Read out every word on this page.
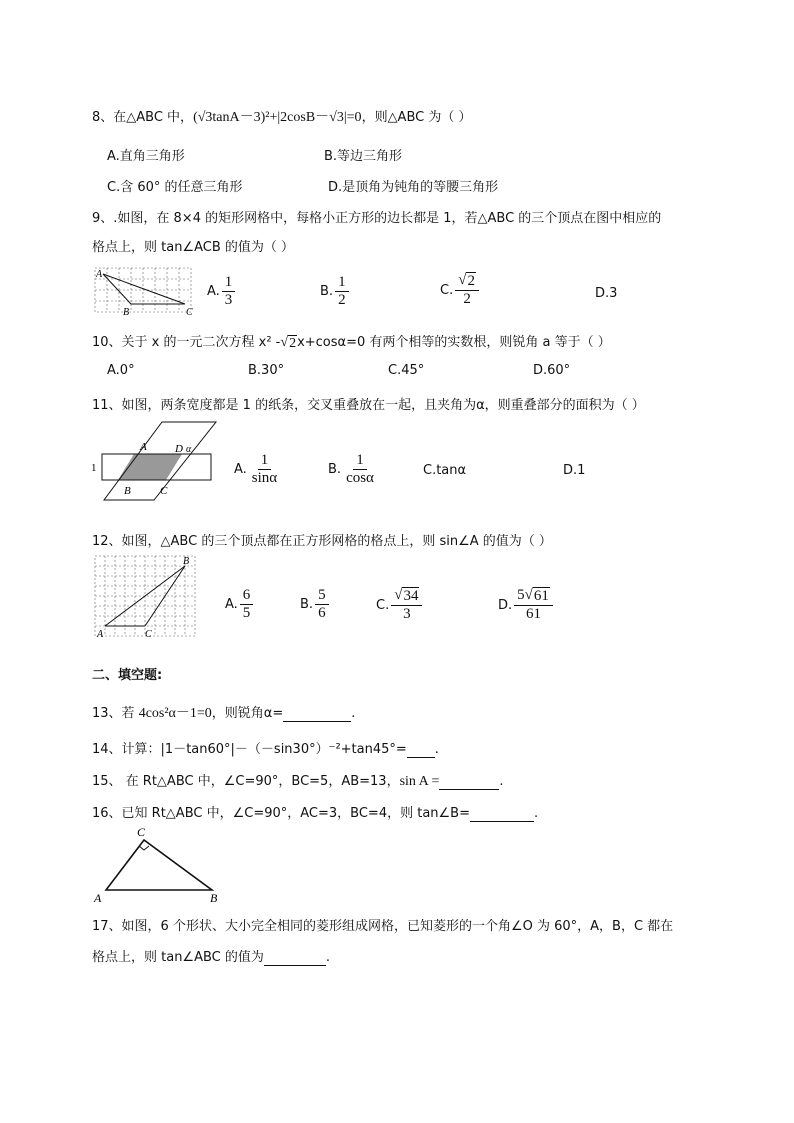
8、在△ABC 中，(√3tanA－3)²+|2cosB－√3|=0，则△ABC 为（ ）
A.直角三角形	B.等边三角形
C.含 60° 的任意三角形	D.是顶角为钝角的等腰三角形
9、.如图，在 8×4 的矩形网格中，每格小正方形的边长都是 1，若△ABC 的三个顶点在图中相应的
格点上，则 tan∠ACB 的值为（ ）
A
B	C
A. $\frac{1}{3}$	B. $\frac{1}{2}$	C. $\frac{√ 2}{2}$	D.3
10、关于 x 的一元二次方程 x² - √ 2 x+cosα=0 有两个相等的实数根，则锐角 a 等于（ ）
A.0°	B.30°	C.45°	D.60°
11、如图，两条宽度都是 1 的纸条，交叉重叠放在一起，且夹角为α，则重叠部分的面积为（ ）
1
A	D α
B	C
A. $\frac{1}{\sin\alpha}$	B. $\frac{1}{\cos\alpha}$	C.tanα	D.1
12、如图，△ABC 的三个顶点都在正方形网格的格点上，则 sin∠A 的值为（ ）
A
B
C
A. $\frac{6}{5}$	B. $\frac{5}{6}$	C. $\frac{√ 34}{3}$	D. $\frac{5 √ 61}{61}$
二、填空题:
13、若 4cos²α－1=0，则锐角α=	.
14、计算：|1－tan60°|－（－sin30°）⁻²+tan45°= .
15、 在 Rt△ABC 中，∠C=90°，BC=5，AB=13，sin A =	.
16、已知 Rt△ABC 中，∠C=90°，AC=3，BC=4，则 tan∠B=	.
A	B
C
17、如图，6 个形状、大小完全相同的菱形组成网格，已知菱形的一个角∠O 为 60°，A，B，C 都在
格点上，则 tan∠ABC 的值为	.
